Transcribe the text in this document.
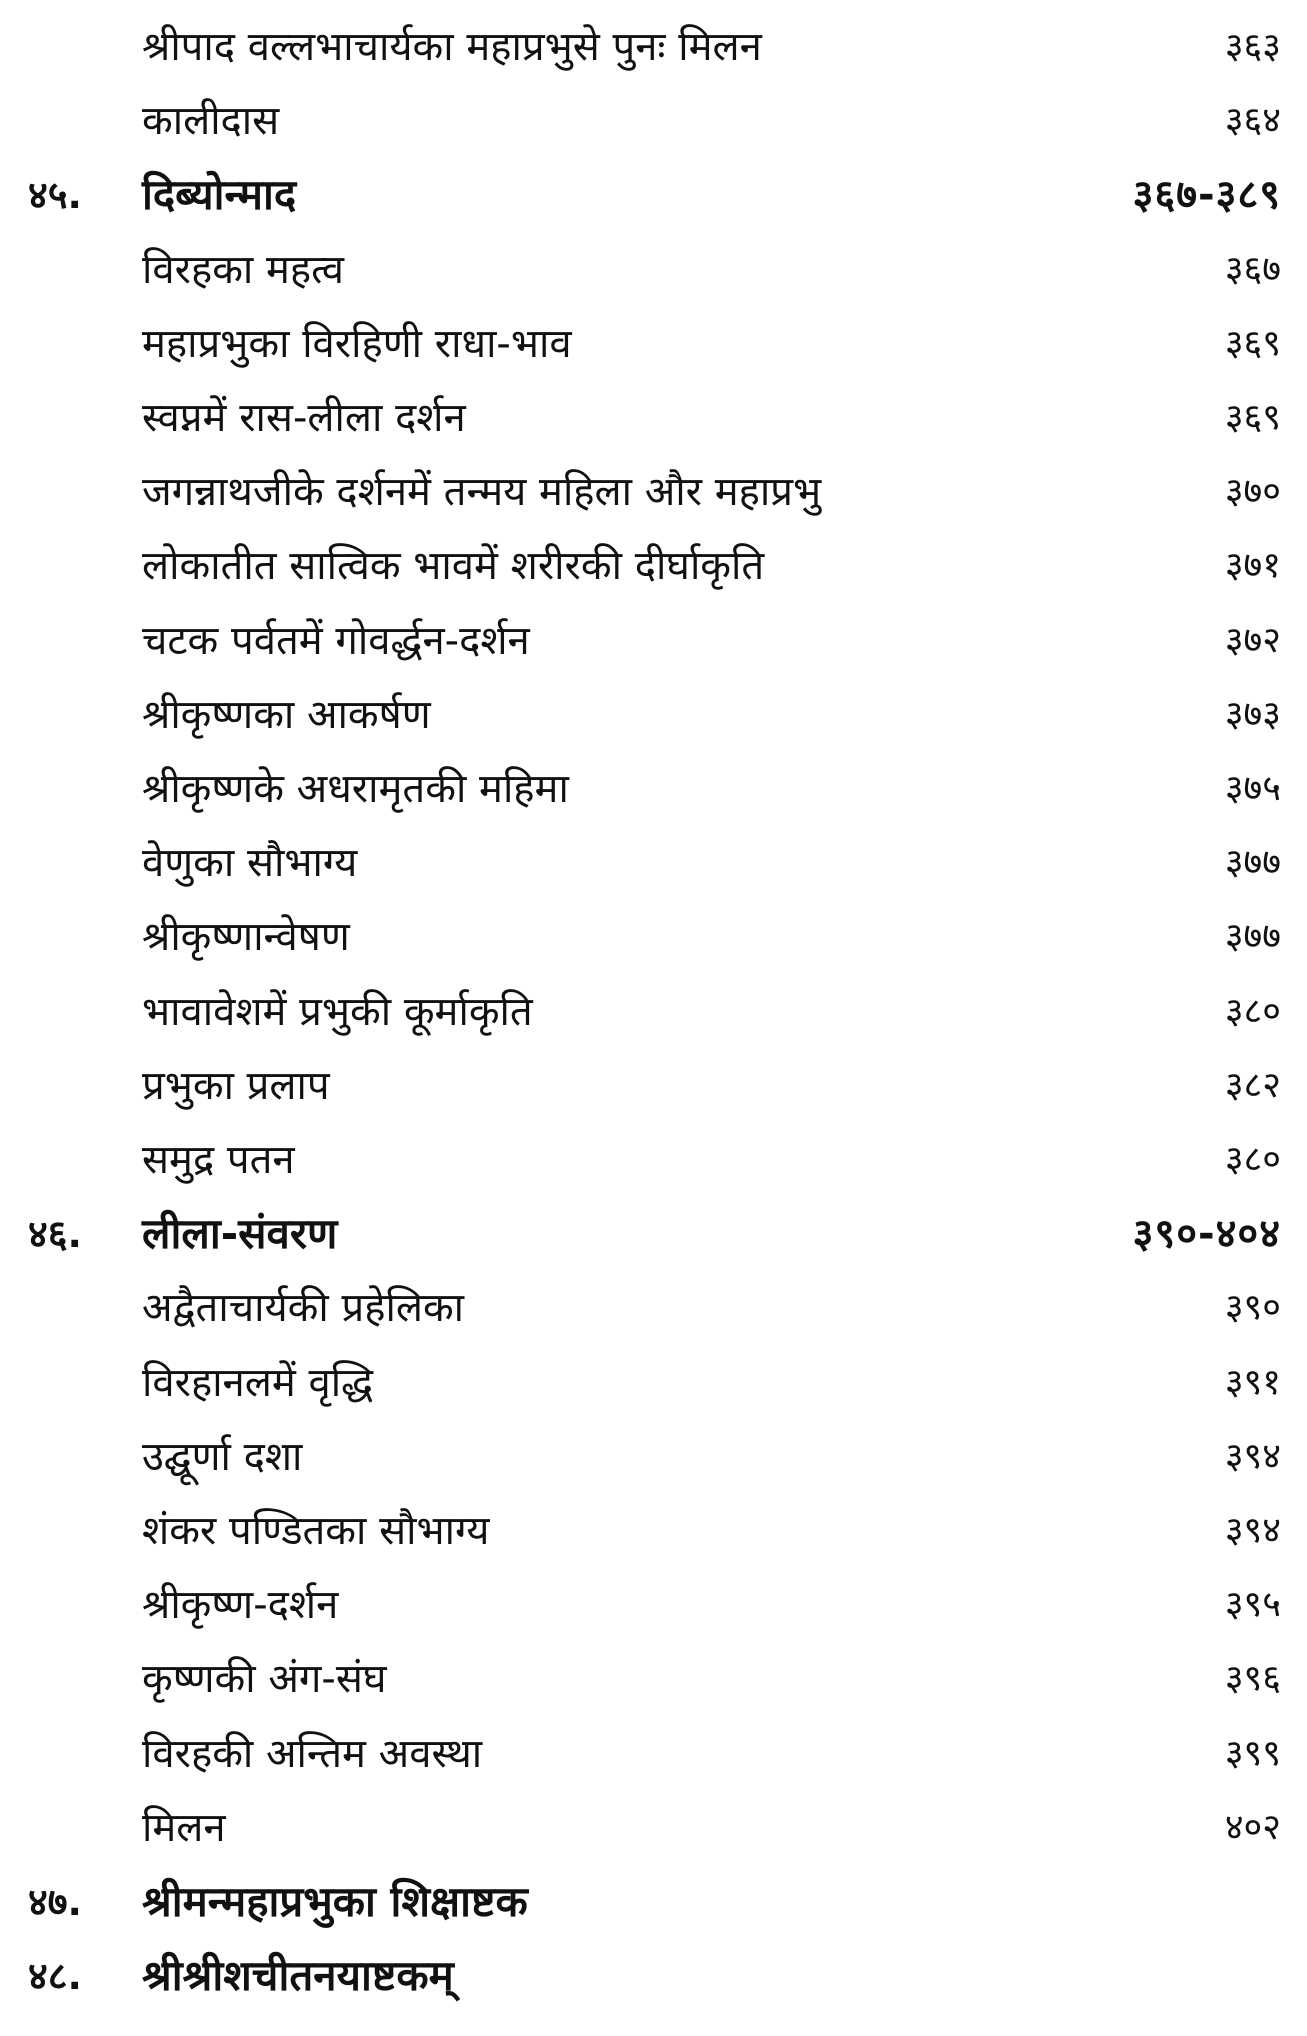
श्रीपाद वल्लभाचार्यका महाप्रभुसे पुनः मिलन	३६३
कालीदास	३६४
४५. दिब्योन्माद	३६७-३८९
विरहका महत्व	३६७
महाप्रभुका विरहिणी राधा-भाव	३६९
स्वप्नमें रास-लीला दर्शन	३६९
जगन्नाथजीके दर्शनमें तन्मय महिला और महाप्रभु	३७०
लोकातीत सात्विक भावमें शरीरकी दीर्घाकृति	३७१
चटक पर्वतमें गोवर्द्धन-दर्शन	३७२
श्रीकृष्णका आकर्षण	३७३
श्रीकृष्णके अधरामृतकी महिमा	३७५
वेणुका सौभाग्य	३७७
श्रीकृष्णान्वेषण	३७७
भावावेशमें प्रभुकी कूर्माकृति	३८०
प्रभुका प्रलाप	३८२
समुद्र पतन	३८०
४६. लीला-संवरण	३९०-४०४
अद्वैताचार्यकी प्रहेलिका	३९०
विरहानलमें वृद्धि	३९१
उद्घूर्णा दशा	३९४
शंकर पण्डितका सौभाग्य	३९४
श्रीकृष्ण-दर्शन	३९५
कृष्णकी अंग-संघ	३९६
विरहकी अन्तिम अवस्था	३९९
मिलन	४०२
४७. श्रीमन्महाप्रभुका शिक्षाष्टक
४८. श्रीश्रीशचीतनयाष्टकम्
